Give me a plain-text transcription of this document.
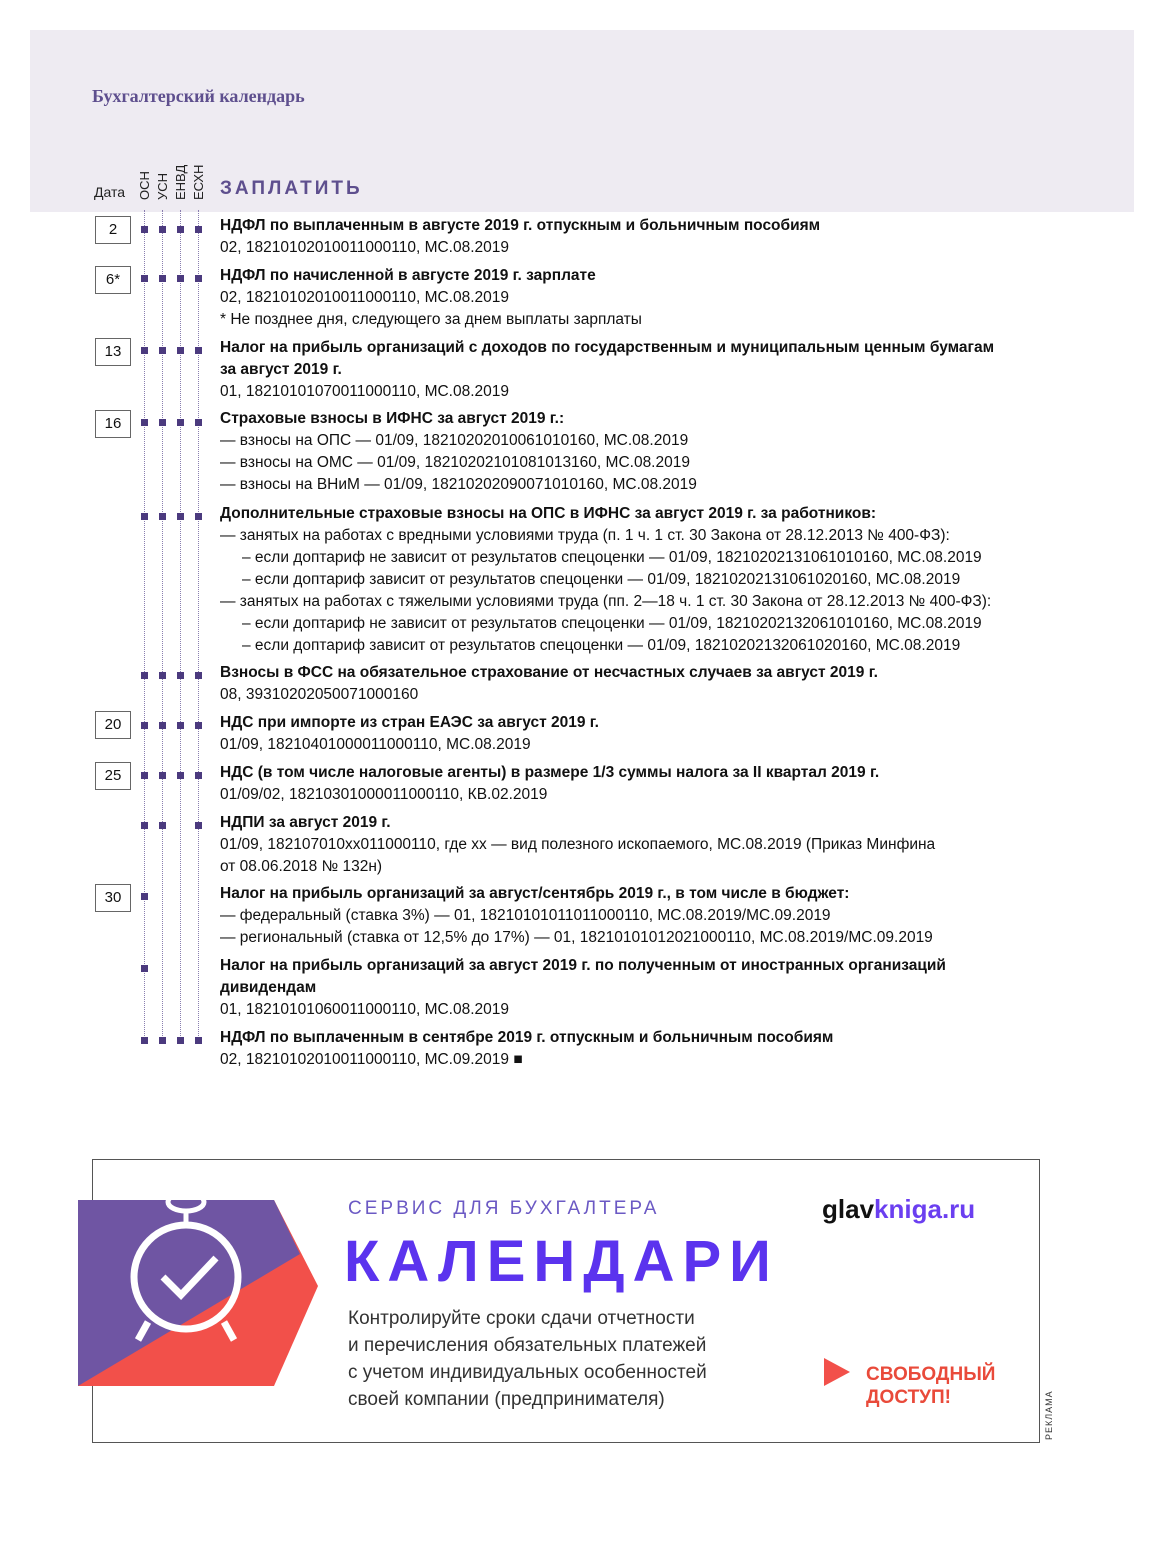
Бухгалтерский календарь
Дата ОСН УСН ЕНВД ЕСХН ЗАПЛАТИТЬ
2
6*
13
16
20
25
30
НДФЛ по выплаченным в августе 2019 г. отпускным и больничным пособиям
02, 18210102010011000110, МС.08.2019
НДФЛ по начисленной в августе 2019 г. зарплате
02, 18210102010011000110, МС.08.2019
* Не позднее дня, следующего за днем выплаты зарплаты
Налог на прибыль организаций с доходов по государственным и муниципальным ценным бумагам
за август 2019 г.
01, 18210101070011000110, МС.08.2019
Страховые взносы в ИФНС за август 2019 г.:
— взносы на ОПС — 01/09, 18210202010061010160, МС.08.2019
— взносы на ОМС — 01/09, 18210202101081013160, МС.08.2019
— взносы на ВНиМ — 01/09, 18210202090071010160, МС.08.2019
Дополнительные страховые взносы на ОПС в ИФНС за август 2019 г. за работников:
— занятых на работах с вредными условиями труда (п. 1 ч. 1 ст. 30 Закона от 28.12.2013 № 400-ФЗ):
– если доптариф не зависит от результатов спецоценки — 01/09, 18210202131061010160, МС.08.2019
– если доптариф зависит от результатов спецоценки — 01/09, 18210202131061020160, МС.08.2019
— занятых на работах с тяжелыми условиями труда (пп. 2—18 ч. 1 ст. 30 Закона от 28.12.2013 № 400-ФЗ):
– если доптариф не зависит от результатов спецоценки — 01/09, 18210202132061010160, МС.08.2019
– если доптариф зависит от результатов спецоценки — 01/09, 18210202132061020160, МС.08.2019
Взносы в ФСС на обязательное страхование от несчастных случаев за август 2019 г.
08, 39310202050071000160
НДС при импорте из стран ЕАЭС за август 2019 г.
01/09, 18210401000011000110, МС.08.2019
НДС (в том числе налоговые агенты) в размере 1/3 суммы налога за II квартал 2019 г.
01/09/02, 18210301000011000110, КВ.02.2019
НДПИ за август 2019 г.
01/09, 182107010хх011000110, где хх — вид полезного ископаемого, МС.08.2019 (Приказ Минфина
от 08.06.2018 № 132н)
Налог на прибыль организаций за август/сентябрь 2019 г., в том числе в бюджет:
— федеральный (ставка 3%) — 01, 18210101011011000110, МС.08.2019/МС.09.2019
— региональный (ставка от 12,5% до 17%) — 01, 18210101012021000110, МС.08.2019/МС.09.2019
Налог на прибыль организаций за август 2019 г. по полученным от иностранных организаций
дивидендам
01, 18210101060011000110, МС.08.2019
НДФЛ по выплаченным в сентябре 2019 г. отпускным и больничным пособиям
02, 18210102010011000110, МС.09.2019 ■
СЕРВИС ДЛЯ БУХГАЛТЕРА
КАЛЕНДАРИ
Контролируйте сроки сдачи отчетности
и перечисления обязательных платежей
с учетом индивидуальных особенностей
своей компании (предпринимателя)
glavkniga.ru
СВОБОДНЫЙ
ДОСТУП!	РЕКЛАМА
